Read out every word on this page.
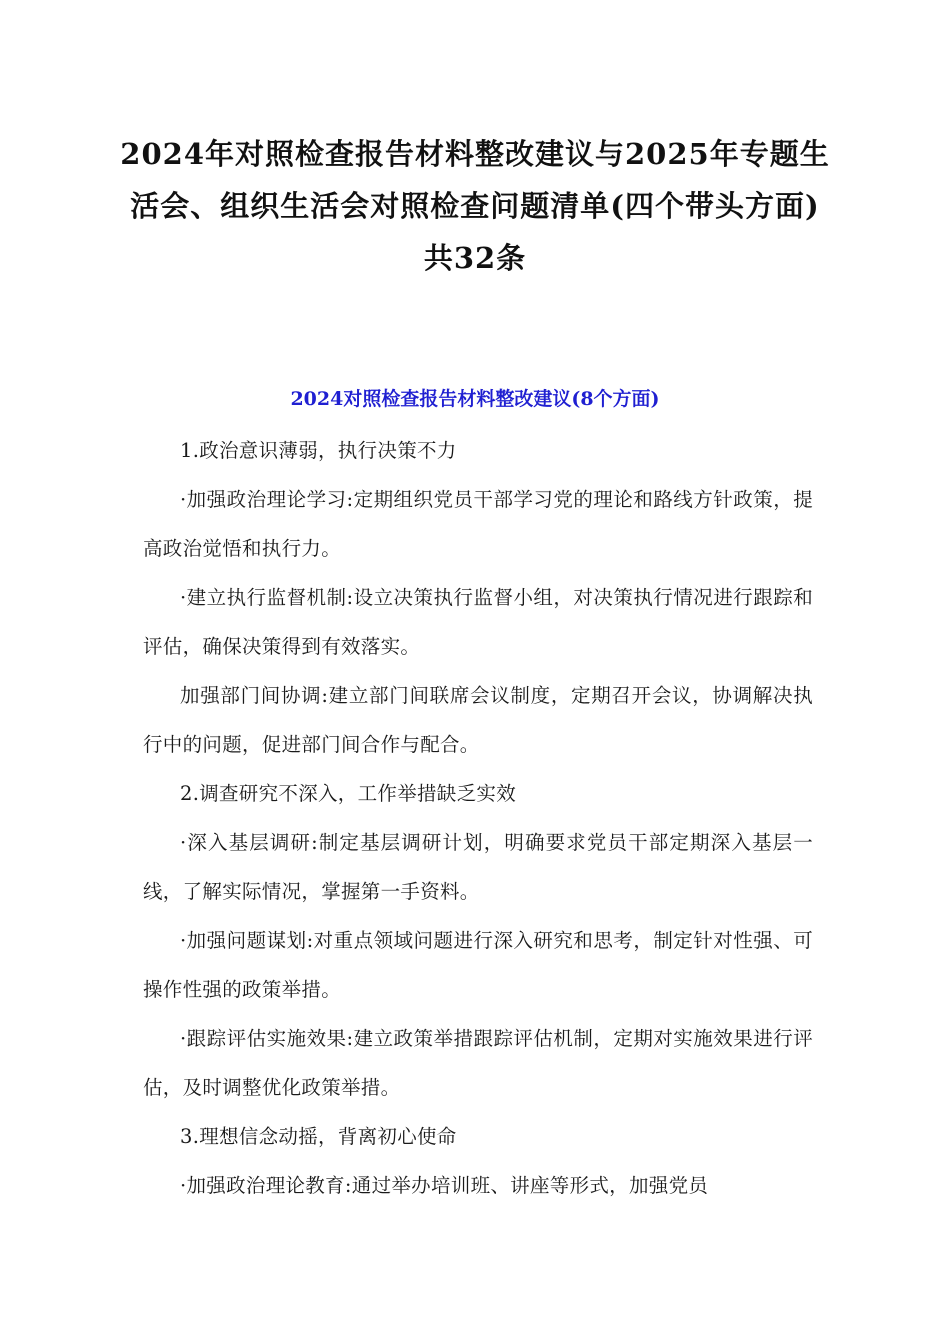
2024年对照检查报告材料整改建议与2025年专题生
活会、组织生活会对照检查问题清单(四个带头方面)
共32条
2024对照检查报告材料整改建议(8个方面)

1.政治意识薄弱，执行决策不力

·加强政治理论学习:定期组织党员干部学习党的理论和路线方针政策，提高政治觉悟和执行力。

·建立执行监督机制:设立决策执行监督小组，对决策执行情况进行跟踪和评估，确保决策得到有效落实。

加强部门间协调:建立部门间联席会议制度，定期召开会议，协调解决执行中的问题，促进部门间合作与配合。

2.调查研究不深入，工作举措缺乏实效

·深入基层调研:制定基层调研计划，明确要求党员干部定期深入基层一线，了解实际情况，掌握第一手资料。

·加强问题谋划:对重点领域问题进行深入研究和思考，制定针对性强、可操作性强的政策举措。

·跟踪评估实施效果:建立政策举措跟踪评估机制，定期对实施效果进行评估，及时调整优化政策举措。

3.理想信念动摇，背离初心使命

·加强政治理论教育:通过举办培训班、讲座等形式，加强党员
